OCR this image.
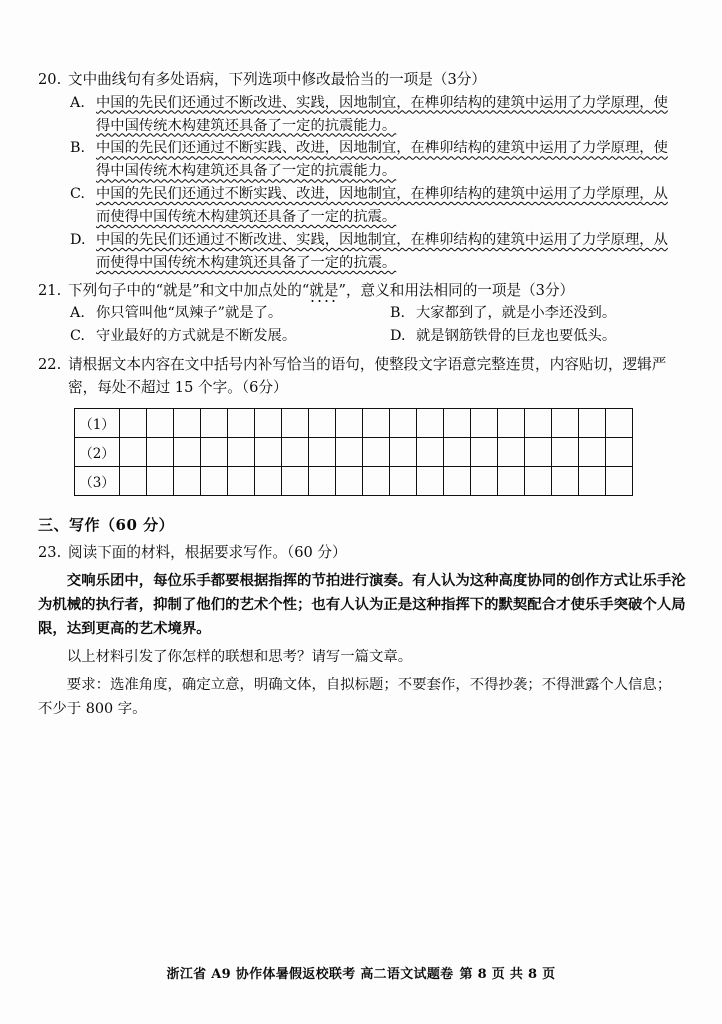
20. 文中曲线句有多处语病，下列选项中修改最恰当的一项是（3分）
A. 中国的先民们还通过不断改进、实践，因地制宜，在榫卯结构的建筑中运用了力学原理，使
得中国传统木构建筑还具备了一定的抗震能力。
B. 中国的先民们还通过不断实践、改进，因地制宜，在榫卯结构的建筑中运用了力学原理，使
得中国传统木构建筑还具备了一定的抗震能力。
C. 中国的先民们还通过不断实践、改进，因地制宜，在榫卯结构的建筑中运用了力学原理，从
而使得中国传统木构建筑还具备了一定的抗震。
D. 中国的先民们还通过不断改进、实践，因地制宜，在榫卯结构的建筑中运用了力学原理，从
而使得中国传统木构建筑还具备了一定的抗震。
21. 下列句子中的“就是”和文中加点处的“就是”，意义和用法相同的一项是（3分）
A. 你只管叫他“凤辣子”就是了。	B. 大家都到了，就是小李还没到。
C. 守业最好的方式就是不断发展。	D. 就是钢筋铁骨的巨龙也要低头。
22. 请根据文本内容在文中括号内补写恰当的语句，使整段文字语意完整连贯，内容贴切，逻辑严
密，每处不超过 15 个字。（6分）
（1）																			
（2）																			
（3）																			
三、写作（60 分）
23. 阅读下面的材料，根据要求写作。（60 分）
交响乐团中，每位乐手都要根据指挥的节拍进行演奏。有人认为这种高度协同的创作方式让乐手沦为机械的执行者，抑制了他们的艺术个性；也有人认为正是这种指挥下的默契配合才使乐手突破个人局限，达到更高的艺术境界。
以上材料引发了你怎样的联想和思考？请写一篇文章。
要求：选准角度，确定立意，明确文体，自拟标题；不要套作，不得抄袭；不得泄露个人信息；
不少于 800 字。
浙江省 A9 协作体暑假返校联考 高二语文试题卷 第 8 页 共 8 页
